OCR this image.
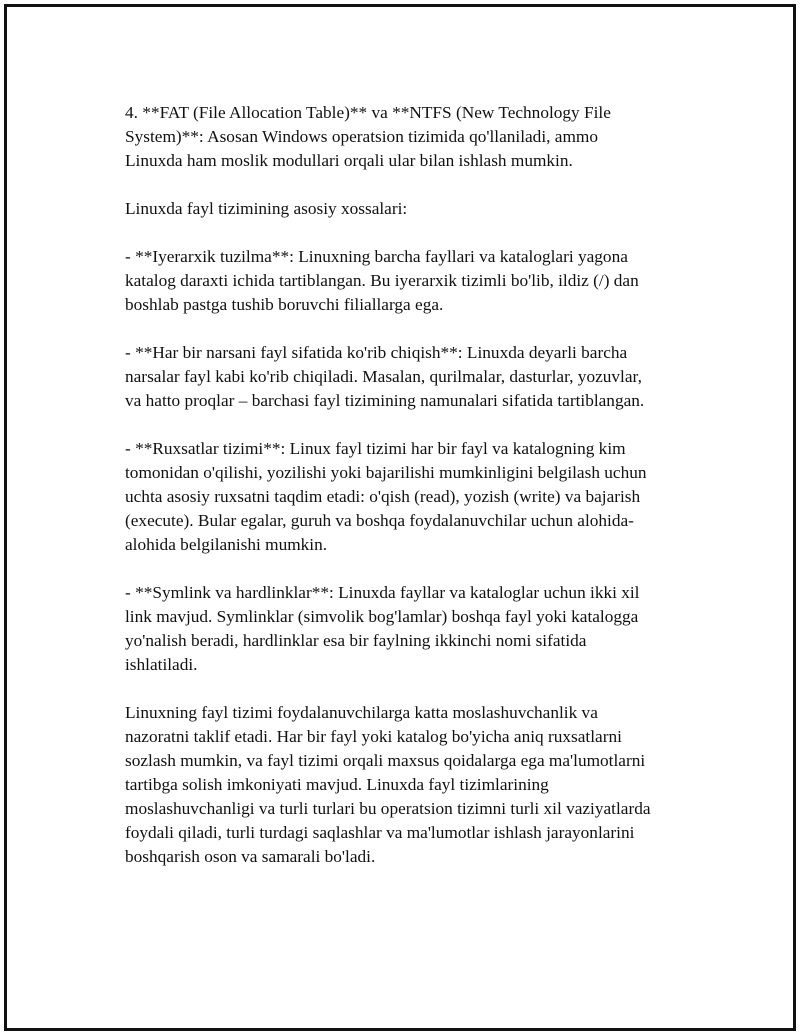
4. **FAT (File Allocation Table)** va **NTFS (New Technology File
System)**: Asosan Windows operatsion tizimida qo'llaniladi, ammo
Linuxda ham moslik modullari orqali ular bilan ishlash mumkin.

Linuxda fayl tizimining asosiy xossalari:

- **Iyerarxik tuzilma**: Linuxning barcha fayllari va kataloglari yagona
katalog daraxti ichida tartiblangan. Bu iyerarxik tizimli bo'lib, ildiz (/) dan
boshlab pastga tushib boruvchi filiallarga ega.

- **Har bir narsani fayl sifatida ko'rib chiqish**: Linuxda deyarli barcha
narsalar fayl kabi ko'rib chiqiladi. Masalan, qurilmalar, dasturlar, yozuvlar,
va hatto proqlar – barchasi fayl tizimining namunalari sifatida tartiblangan.

- **Ruxsatlar tizimi**: Linux fayl tizimi har bir fayl va katalogning kim
tomonidan o'qilishi, yozilishi yoki bajarilishi mumkinligini belgilash uchun
uchta asosiy ruxsatni taqdim etadi: o'qish (read), yozish (write) va bajarish
(execute). Bular egalar, guruh va boshqa foydalanuvchilar uchun alohida-
alohida belgilanishi mumkin.

- **Symlink va hardlinklar**: Linuxda fayllar va kataloglar uchun ikki xil
link mavjud. Symlinklar (simvolik bog'lamlar) boshqa fayl yoki katalogga
yo'nalish beradi, hardlinklar esa bir faylning ikkinchi nomi sifatida
ishlatiladi.

Linuxning fayl tizimi foydalanuvchilarga katta moslashuvchanlik va
nazoratni taklif etadi. Har bir fayl yoki katalog bo'yicha aniq ruxsatlarni
sozlash mumkin, va fayl tizimi orqali maxsus qoidalarga ega ma'lumotlarni
tartibga solish imkoniyati mavjud. Linuxda fayl tizimlarining
moslashuvchanligi va turli turlari bu operatsion tizimni turli xil vaziyatlarda
foydali qiladi, turli turdagi saqlashlar va ma'lumotlar ishlash jarayonlarini
boshqarish oson va samarali bo'ladi.
